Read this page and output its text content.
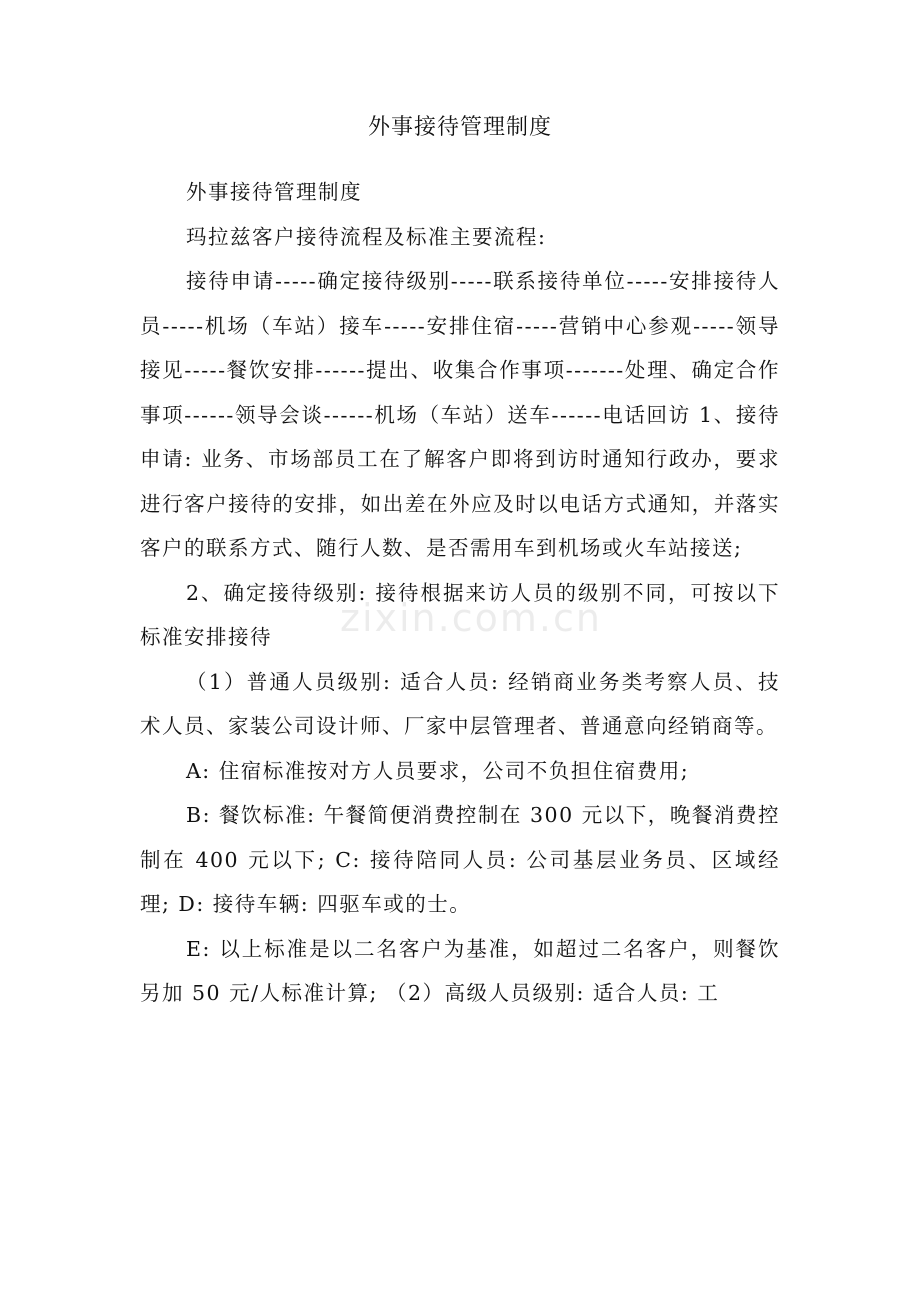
外事接待管理制度

外事接待管理制度

玛拉兹客户接待流程及标准主要流程:

接待申请-----确定接待级别-----联系接待单位-----安排接待人员-----机场（车站）接车-----安排住宿-----营销中心参观-----领导接见-----餐饮安排------提出、收集合作事项-------处理、确定合作事项------领导会谈------机场（车站）送车------电话回访 1、接待申请: 业务、市场部员工在了解客户即将到访时通知行政办，要求进行客户接待的安排，如出差在外应及时以电话方式通知，并落实客户的联系方式、随行人数、是否需用车到机场或火车站接送;

2、确定接待级别: 接待根据来访人员的级别不同，可按以下标准安排接待

（1）普通人员级别: 适合人员: 经销商业务类考察人员、技术人员、家装公司设计师、厂家中层管理者、普通意向经销商等。

A: 住宿标准按对方人员要求，公司不负担住宿费用;

B: 餐饮标准: 午餐简便消费控制在 300 元以下，晚餐消费控制在 400 元以下; C: 接待陪同人员: 公司基层业务员、区域经理; D: 接待车辆: 四驱车或的士。

E: 以上标准是以二名客户为基准，如超过二名客户，则餐饮另加 50 元/人标准计算; （2）高级人员级别: 适合人员: 工

zixin.com.cn
